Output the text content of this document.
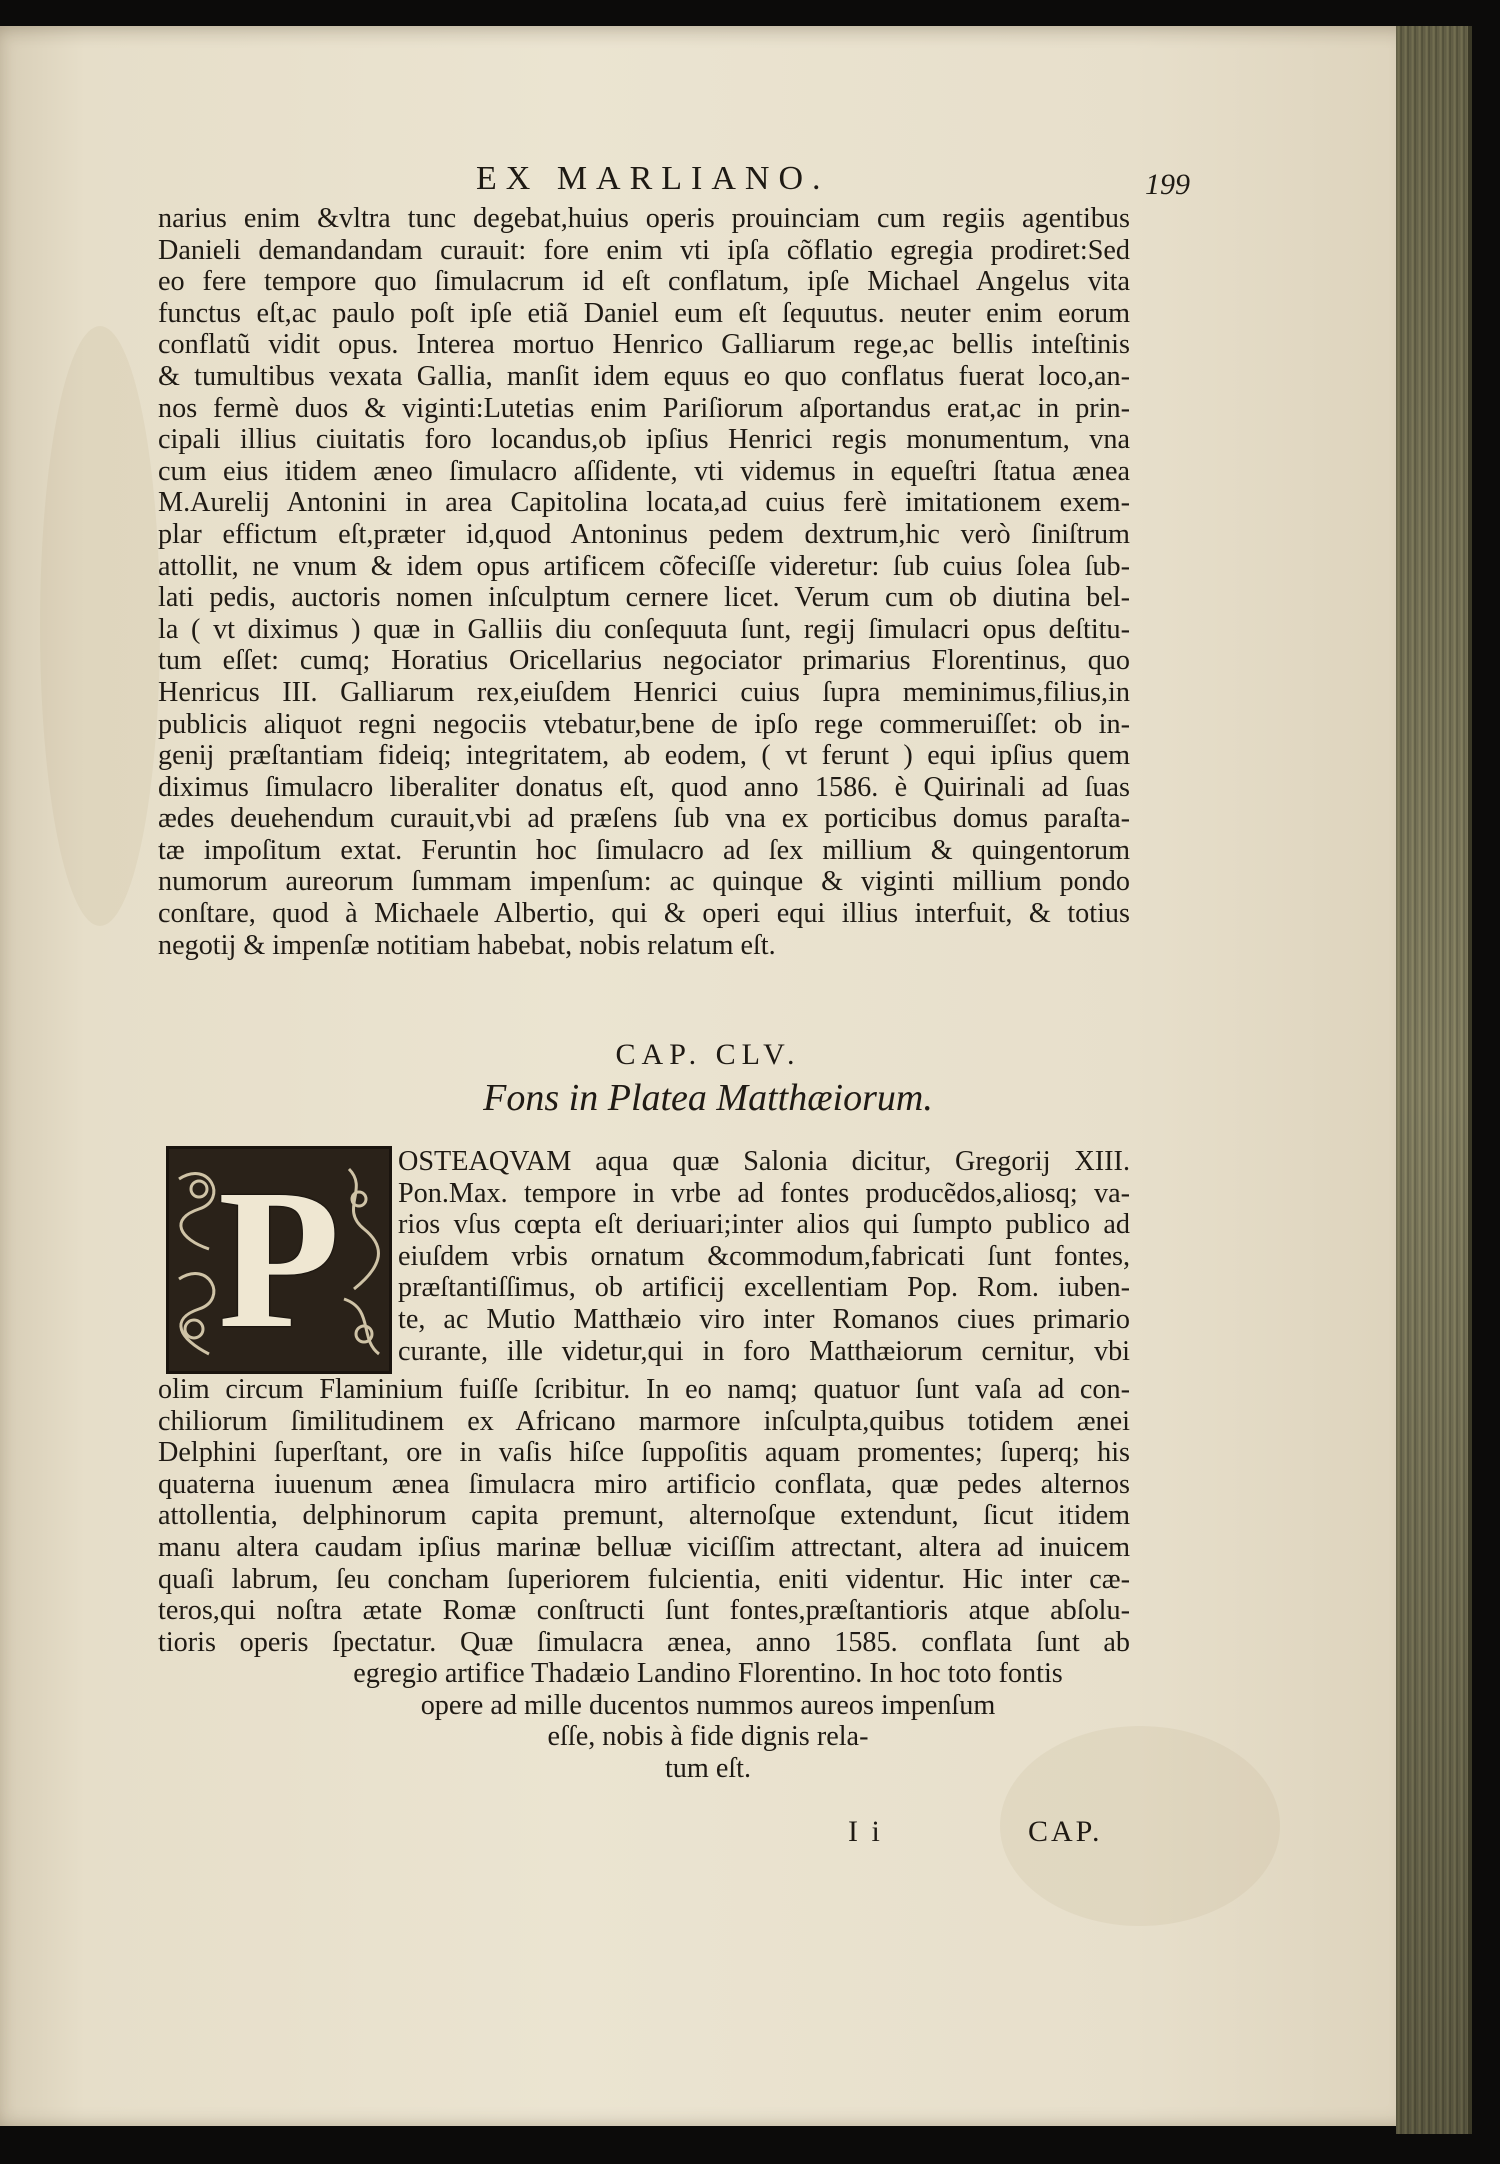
EX MARLIANO.	199
narius enim &vltra tunc degebat,huius operis prouinciam cum regiis agentibus
Danieli demandandam curauit: fore enim vti ipſa cõflatio egregia prodiret:Sed
eo fere tempore quo ſimulacrum id eſt conflatum, ipſe Michael Angelus vita
functus eſt,ac paulo poſt ipſe etiã Daniel eum eſt ſequutus. neuter enim eorum
conflatũ vidit opus. Interea mortuo Henrico Galliarum rege,ac bellis inteſtinis
& tumultibus vexata Gallia, manſit idem equus eo quo conflatus fuerat loco,an-
nos fermè duos & viginti:Lutetias enim Pariſiorum aſportandus erat,ac in prin-
cipali illius ciuitatis foro locandus,ob ipſius Henrici regis monumentum, vna
cum eius itidem æneo ſimulacro aſſidente, vti videmus in equeſtri ſtatua ænea
M.Aurelij Antonini in area Capitolina locata,ad cuius ferè imitationem exem-
plar effictum eſt,præter id,quod Antoninus pedem dextrum,hic verò ſiniſtrum
attollit, ne vnum & idem opus artificem cõfeciſſe videretur: ſub cuius ſolea ſub-
lati pedis, auctoris nomen inſculptum cernere licet. Verum cum ob diutina bel-
la ( vt diximus ) quæ in Galliis diu conſequuta ſunt, regij ſimulacri opus deſtitu-
tum eſſet: cumq; Horatius Oricellarius negociator primarius Florentinus, quo
Henricus III. Galliarum rex,eiuſdem Henrici cuius ſupra meminimus,filius,in
publicis aliquot regni negociis vtebatur,bene de ipſo rege commeruiſſet: ob in-
genij præſtantiam fideiq; integritatem, ab eodem, ( vt ferunt ) equi ipſius quem
diximus ſimulacro liberaliter donatus eſt, quod anno 1586. è Quirinali ad ſuas
ædes deuehendum curauit,vbi ad præſens ſub vna ex porticibus domus paraſta-
tæ impoſitum extat. Feruntin hoc ſimulacro ad ſex millium & quingentorum
numorum aureorum ſummam impenſum: ac quinque & viginti millium pondo
conſtare, quod à Michaele Albertio, qui & operi equi illius interfuit, & totius
negotij & impenſæ notitiam habebat, nobis relatum eſt.
CAP. CLV.
Fons in Platea Matthæiorum.
P OSTEAQVAM aqua quæ Salonia dicitur, Gregorij XIII.
Pon.Max. tempore in vrbe ad fontes producẽdos,aliosq; va-
rios vſus cœpta eſt deriuari;inter alios qui ſumpto publico ad
eiuſdem vrbis ornatum &commodum,fabricati ſunt fontes,
præſtantiſſimus, ob artificij excellentiam Pop. Rom. iuben-
te, ac Mutio Matthæio viro inter Romanos ciues primario
curante, ille videtur,qui in foro Matthæiorum cernitur, vbi
olim circum Flaminium fuiſſe ſcribitur. In eo namq; quatuor ſunt vaſa ad con-
chiliorum ſimilitudinem ex Africano marmore inſculpta,quibus totidem ænei
Delphini ſuperſtant, ore in vaſis hiſce ſuppoſitis aquam promentes; ſuperq; his
quaterna iuuenum ænea ſimulacra miro artificio conflata, quæ pedes alternos
attollentia, delphinorum capita premunt, alternoſque extendunt, ſicut itidem
manu altera caudam ipſius marinæ belluæ viciſſim attrectant, altera ad inuicem
quaſi labrum, ſeu concham ſuperiorem fulcientia, eniti videntur. Hic inter cæ-
teros,qui noſtra ætate Romæ conſtructi ſunt fontes,præſtantioris atque abſolu-
tioris operis ſpectatur. Quæ ſimulacra ænea, anno 1585. conflata ſunt ab
egregio artifice Thadæio Landino Florentino. In hoc toto fontis
opere ad mille ducentos nummos aureos impenſum
eſſe, nobis à fide dignis rela-
tum eſt.
I i	CAP.
